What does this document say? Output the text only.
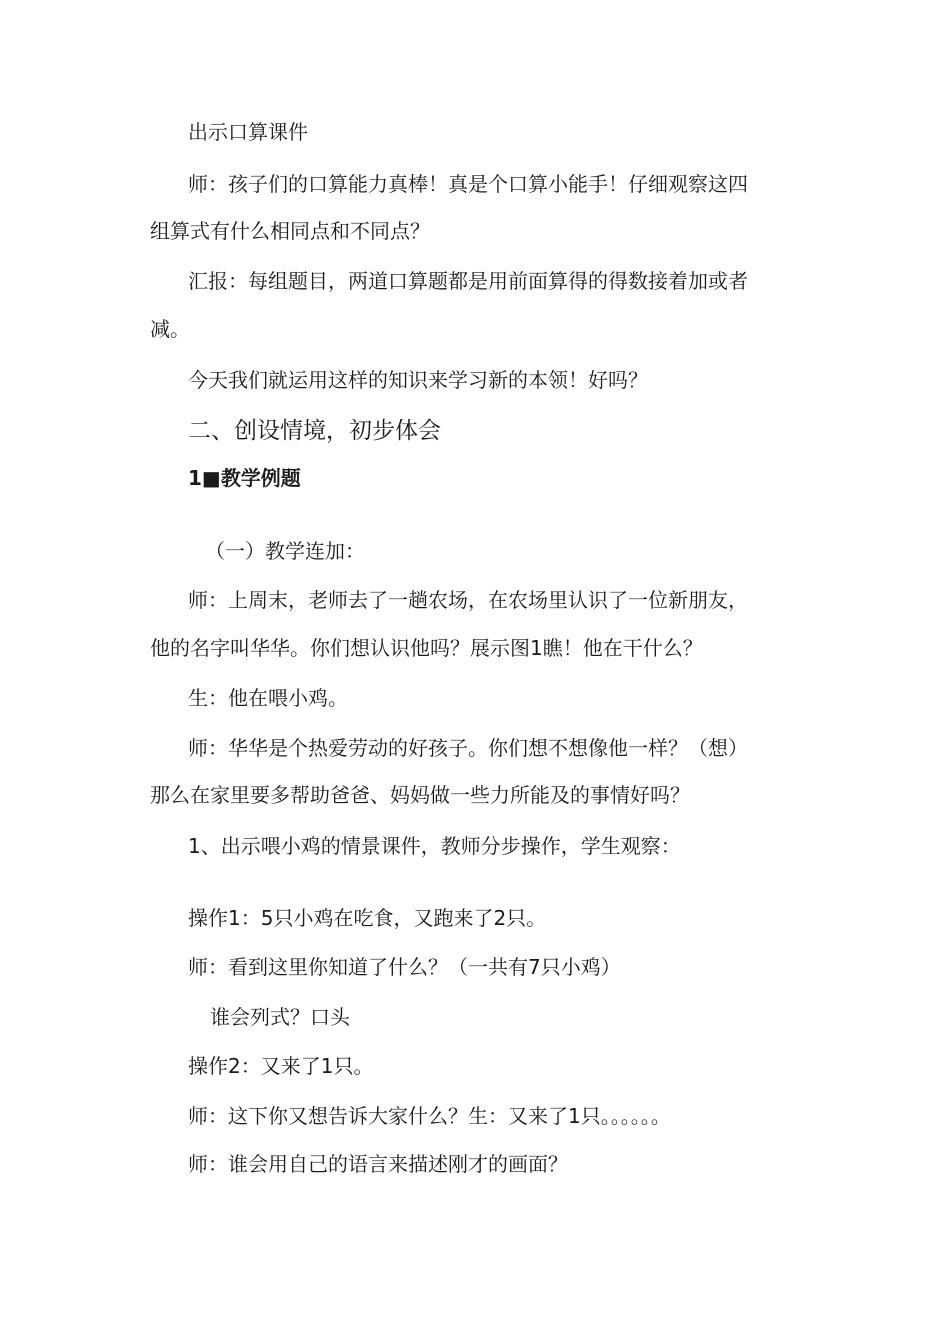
出示口算课件
师：孩子们的口算能力真棒！真是个口算小能手！仔细观察这四
组算式有什么相同点和不同点？
汇报：每组题目，两道口算题都是用前面算得的得数接着加或者
减。
今天我们就运用这样的知识来学习新的本领！好吗？
二、创设情境，初步体会
1■教学例题
（一）教学连加：
师：上周末，老师去了一趟农场，在农场里认识了一位新朋友，
他的名字叫华华。你们想认识他吗？展示图1瞧！他在干什么？
生：他在喂小鸡。
师：华华是个热爱劳动的好孩子。你们想不想像他一样？（想）
那么在家里要多帮助爸爸、妈妈做一些力所能及的事情好吗？
1、出示喂小鸡的情景课件，教师分步操作，学生观察：
操作1：5只小鸡在吃食，又跑来了2只。
师：看到这里你知道了什么？（一共有7只小鸡）
谁会列式？口头
操作2：又来了1只。
师：这下你又想告诉大家什么？生：又来了1只。。。。。。
师：谁会用自己的语言来描述刚才的画面？
